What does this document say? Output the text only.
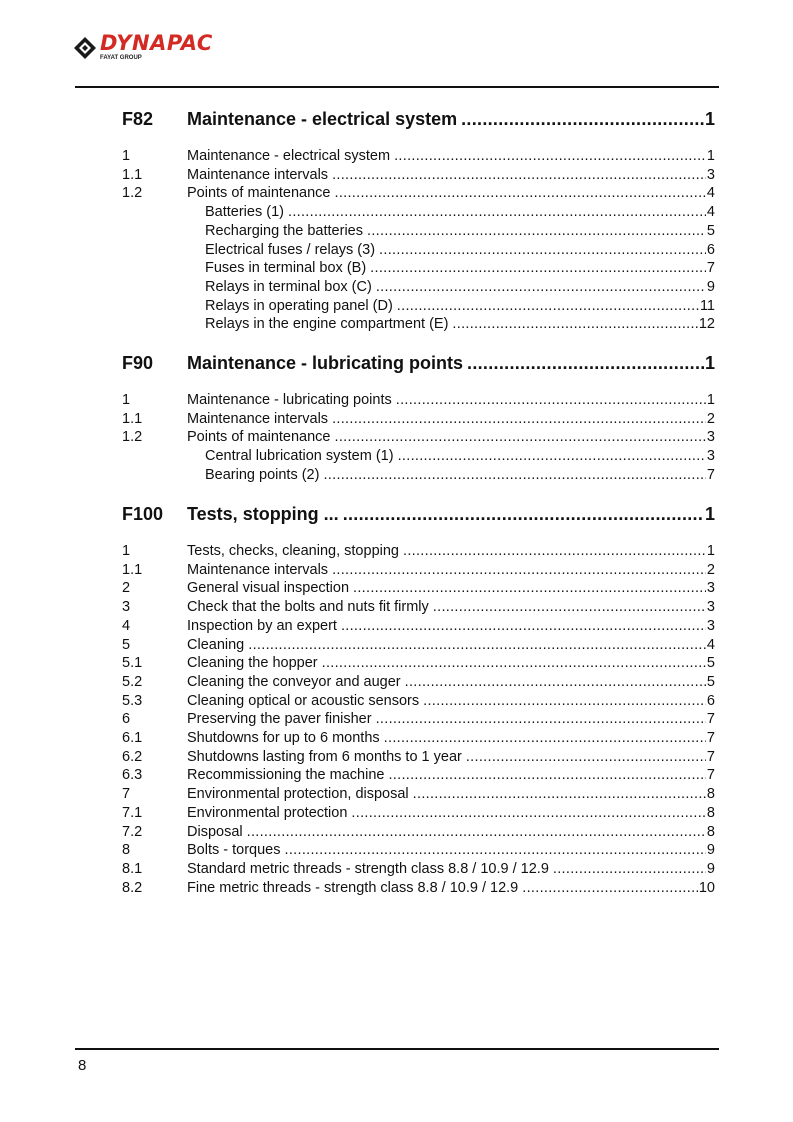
DYNAPAC
FAYAT GROUP
F82 Maintenance - electrical system .....	1
1	Maintenance - electrical system .....	1
1.1	Maintenance intervals .....	3
1.2	Points of maintenance .....	4
Batteries (1) .....	4
Recharging the batteries .....	5
Electrical fuses / relays (3) .....	6
Fuses in terminal box (B) .....	7
Relays in terminal box (C) .....	9
Relays in operating panel (D) .....	11
Relays in the engine compartment (E) .....	12
F90 Maintenance - lubricating points .....	1
1	Maintenance - lubricating points .....	1
1.1	Maintenance intervals .....	2
1.2	Points of maintenance .....	3
Central lubrication system (1) .....	3
Bearing points (2) .....	7
F100 Tests, stopping ... .....	1
1	Tests, checks, cleaning, stopping .....	1
1.1	Maintenance intervals .....	2
2	General visual inspection .....	3
3	Check that the bolts and nuts fit firmly .....	3
4	Inspection by an expert .....	3
5	Cleaning .....	4
5.1	Cleaning the hopper .....	5
5.2	Cleaning the conveyor and auger .....	5
5.3	Cleaning optical or acoustic sensors .....	6
6	Preserving the paver finisher .....	7
6.1	Shutdowns for up to 6 months .....	7
6.2	Shutdowns lasting from 6 months to 1 year .....	7
6.3	Recommissioning the machine .....	7
7	Environmental protection, disposal .....	8
7.1	Environmental protection .....	8
7.2	Disposal .....	8
8	Bolts - torques .....	9
8.1	Standard metric threads - strength class 8.8 / 10.9 / 12.9 .....	9
8.2	Fine metric threads - strength class 8.8 / 10.9 / 12.9 .....	10
8
